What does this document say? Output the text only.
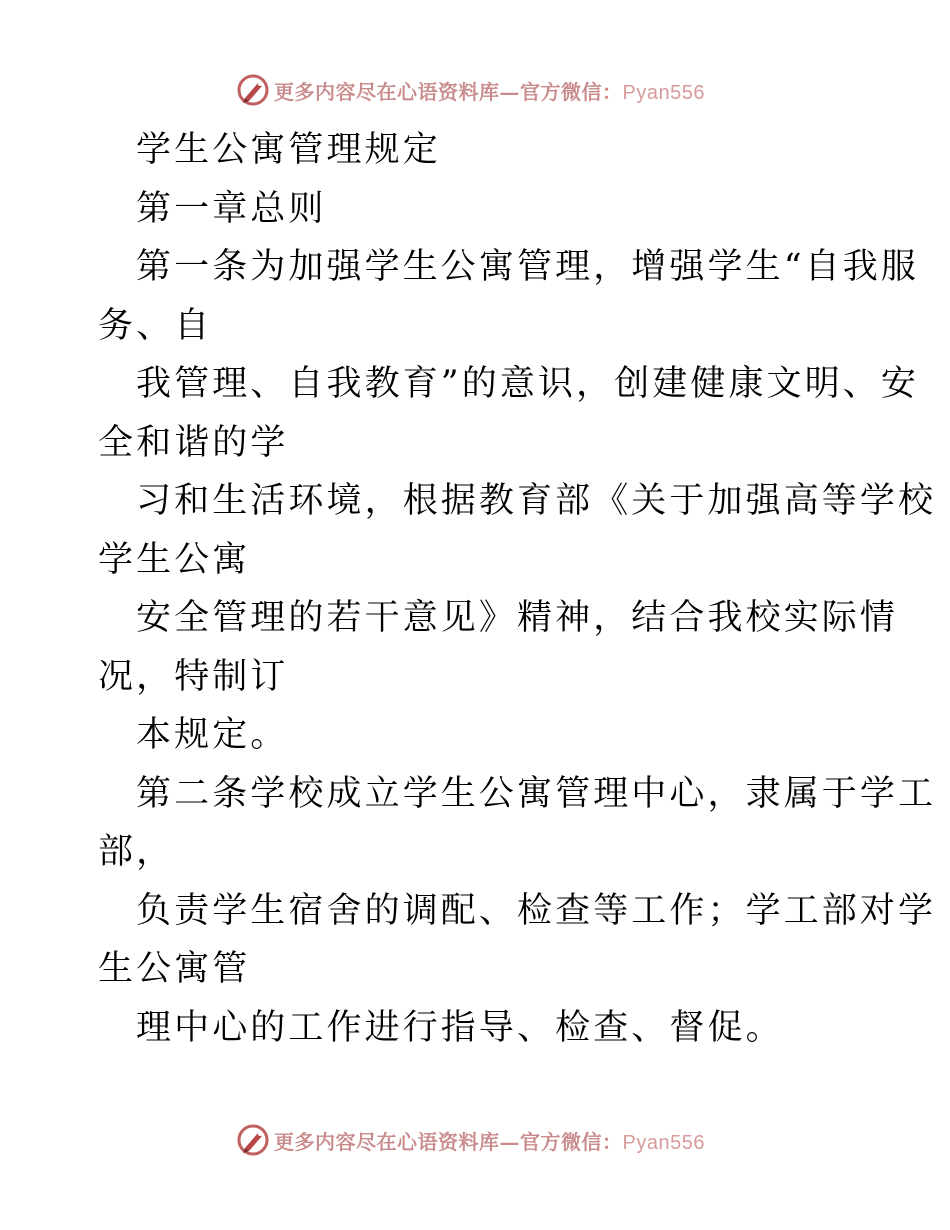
更多内容尽在心语资料库—官方微信：Pyan556
学生公寓管理规定
第一章总则
第一条为加强学生公寓管理，增强学生“自我服
务、自
我管理、自我教育”的意识，创建健康文明、安
全和谐的学
习和生活环境，根据教育部《关于加强高等学校
学生公寓
安全管理的若干意见》精神，结合我校实际情
况，特制订
本规定。
第二条学校成立学生公寓管理中心，隶属于学工
部，
负责学生宿舍的调配、检查等工作；学工部对学
生公寓管
理中心的工作进行指导、检查、督促。
更多内容尽在心语资料库—官方微信：Pyan556
